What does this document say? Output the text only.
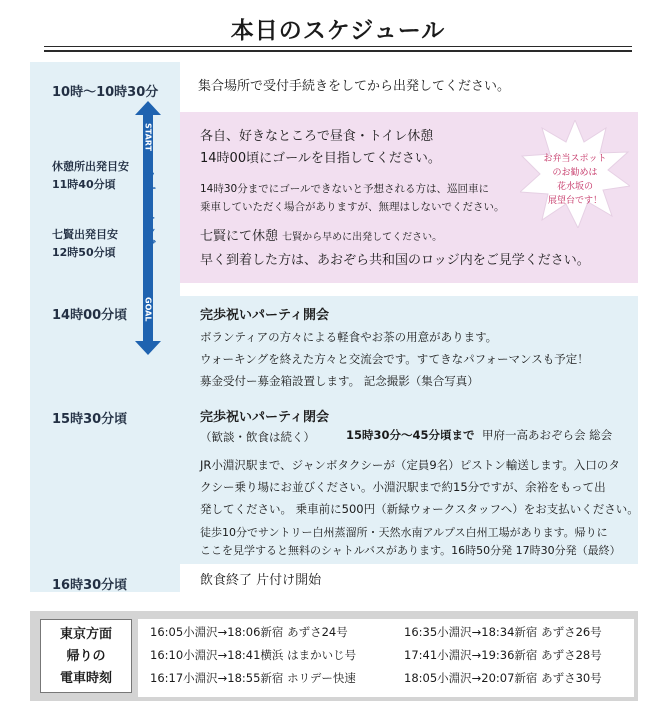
本日のスケジュール
10時～10時30分
休憩所出発目安
11時40分頃
七賢出発目安
12時50分頃
14時00分頃
15時30分頃
16時30分頃
START
ウォーキング
GOAL
集合場所で受付手続きをしてから出発してください。
各自、好きなところで昼食・トイレ休憩
14時00頃にゴールを目指してください。
14時30分までにゴールできないと予想される方は、巡回車に
乗車していただく場合がありますが、無理はしないでください。
七賢にて休憩 七賢から早めに出発してください。
早く到着した方は、あおぞら共和国のロッジ内をご見学ください。
お弁当スポット
のお勧めは
花水坂の
展望台です！
完歩祝いパーティ開会
ボランティアの方々による軽食やお茶の用意があります。
ウォーキングを終えた方々と交流会です。すてきなパフォーマンスも予定！
募金受付ー募金箱設置します。 記念撮影（集合写真）
完歩祝いパーティ閉会
（歓談・飲食は続く）	15時30分～45分頃まで 甲府一高あおぞら会 総会
JR小淵沢駅まで、ジャンボタクシーが（定員9名）ピストン輸送します。入口のタ
クシー乗り場にお並びください。小淵沢駅まで約15分ですが、余裕をもって出
発してください。 乗車前に500円（新緑ウォークスタッフへ）をお支払いください。
徒歩10分でサントリー白州蒸溜所・天然水南アルプス白州工場があります。帰りに
ここを見学すると無料のシャトルバスがあります。16時50分発 17時30分発（最終）
飲食終了 片付け開始
東京方面
帰りの
電車時刻
16:05小淵沢→18:06新宿 あずさ24号
16:10小淵沢→18:41横浜 はまかいじ号
16:17小淵沢→18:55新宿 ホリデー快速
16:35小淵沢→18:34新宿 あずさ26号
17:41小淵沢→19:36新宿 あずさ28号
18:05小淵沢→20:07新宿 あずさ30号
